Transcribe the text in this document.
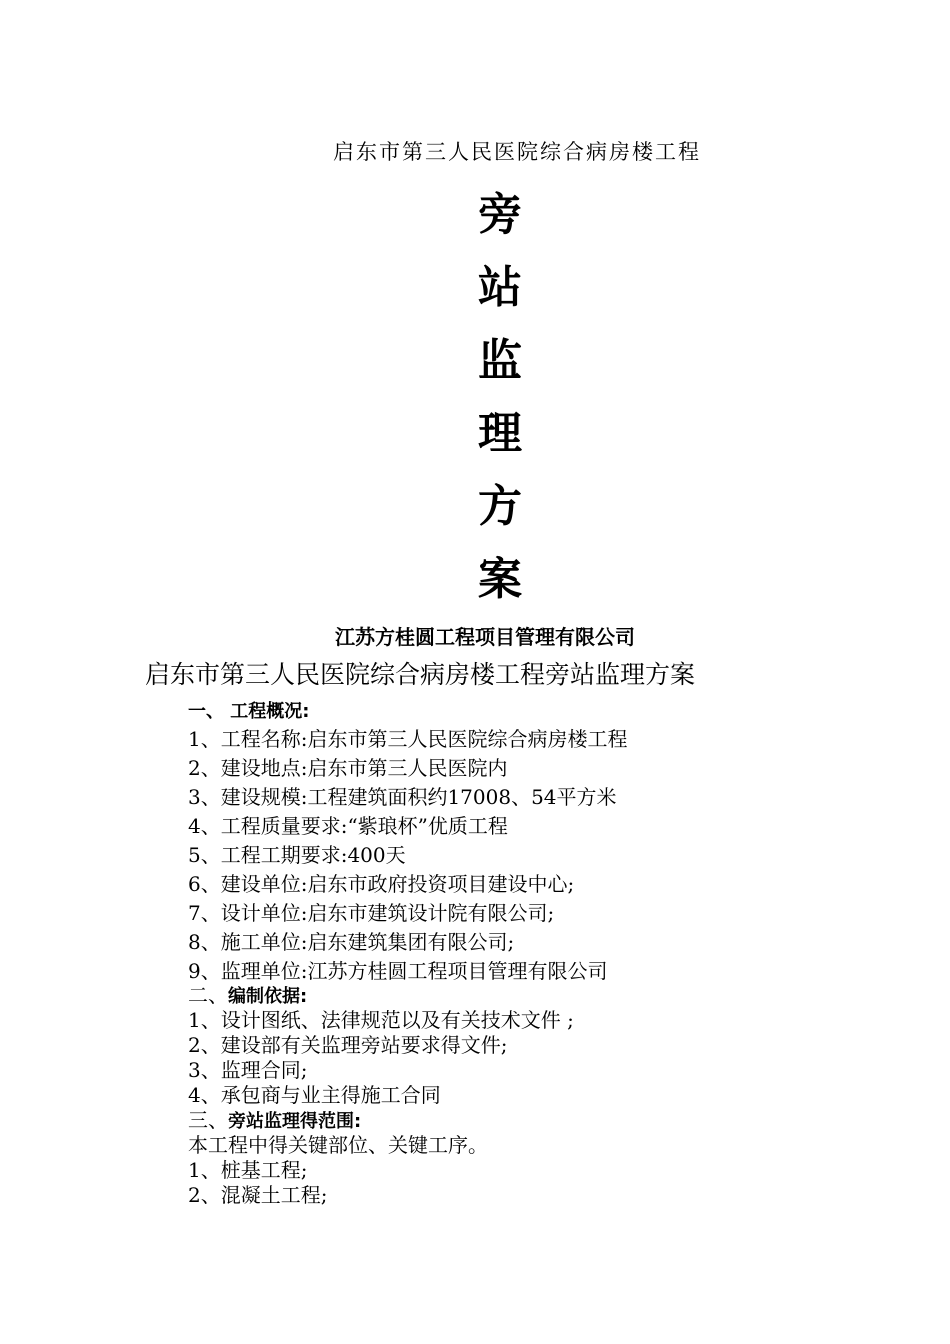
启东市第三人民医院综合病房楼工程
旁
站
监
理
方
案
江苏方桂圆工程项目管理有限公司
启东市第三人民医院综合病房楼工程旁站监理方案
一、 工程概况:
1、工程名称:启东市第三人民医院综合病房楼工程
2、建设地点:启东市第三人民医院内
3、建设规模:工程建筑面积约17008、54平方米
4、工程质量要求:“紫琅杯”优质工程
5、工程工期要求:400天
6、建设单位:启东市政府投资项目建设中心;
7、设计单位:启东市建筑设计院有限公司;
8、施工单位:启东建筑集团有限公司;
9、监理单位:江苏方桂圆工程项目管理有限公司
二、编制依据:
1、设计图纸、法律规范以及有关技术文件 ;
2、建设部有关监理旁站要求得文件;
3、监理合同;
4、承包商与业主得施工合同
三、旁站监理得范围:
本工程中得关键部位、关键工序。
1、桩基工程;
2、混凝土工程;
